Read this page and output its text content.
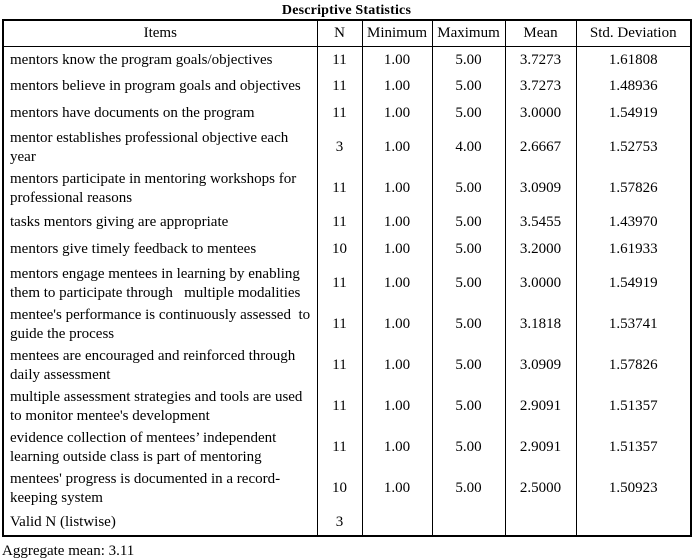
Descriptive Statistics
Items	N	Minimum	Maximum	Mean	Std. Deviation
mentors know the program goals/objectives	11	1.00	5.00	3.7273	1.61808
mentors believe in program goals and objectives	11	1.00	5.00	3.7273	1.48936
mentors have documents on the program	11	1.00	5.00	3.0000	1.54919
mentor establishes professional objective each year	3	1.00	4.00	2.6667	1.52753
mentors participate in mentoring workshops for professional reasons	11	1.00	5.00	3.0909	1.57826
tasks mentors giving are appropriate	11	1.00	5.00	3.5455	1.43970
mentors give timely feedback to mentees	10	1.00	5.00	3.2000	1.61933
mentors engage mentees in learning by enabling them to participate through   multiple modalities	11	1.00	5.00	3.0000	1.54919
mentee's performance is continuously assessed  to guide the process	11	1.00	5.00	3.1818	1.53741
mentees are encouraged and reinforced through daily assessment	11	1.00	5.00	3.0909	1.57826
multiple assessment strategies and tools are used to monitor mentee's development	11	1.00	5.00	2.9091	1.51357
evidence collection of mentees’ independent learning outside class is part of mentoring	11	1.00	5.00	2.9091	1.51357
mentees' progress is documented in a record-keeping system	10	1.00	5.00	2.5000	1.50923
Valid N (listwise)	3				
Aggregate mean: 3.11
